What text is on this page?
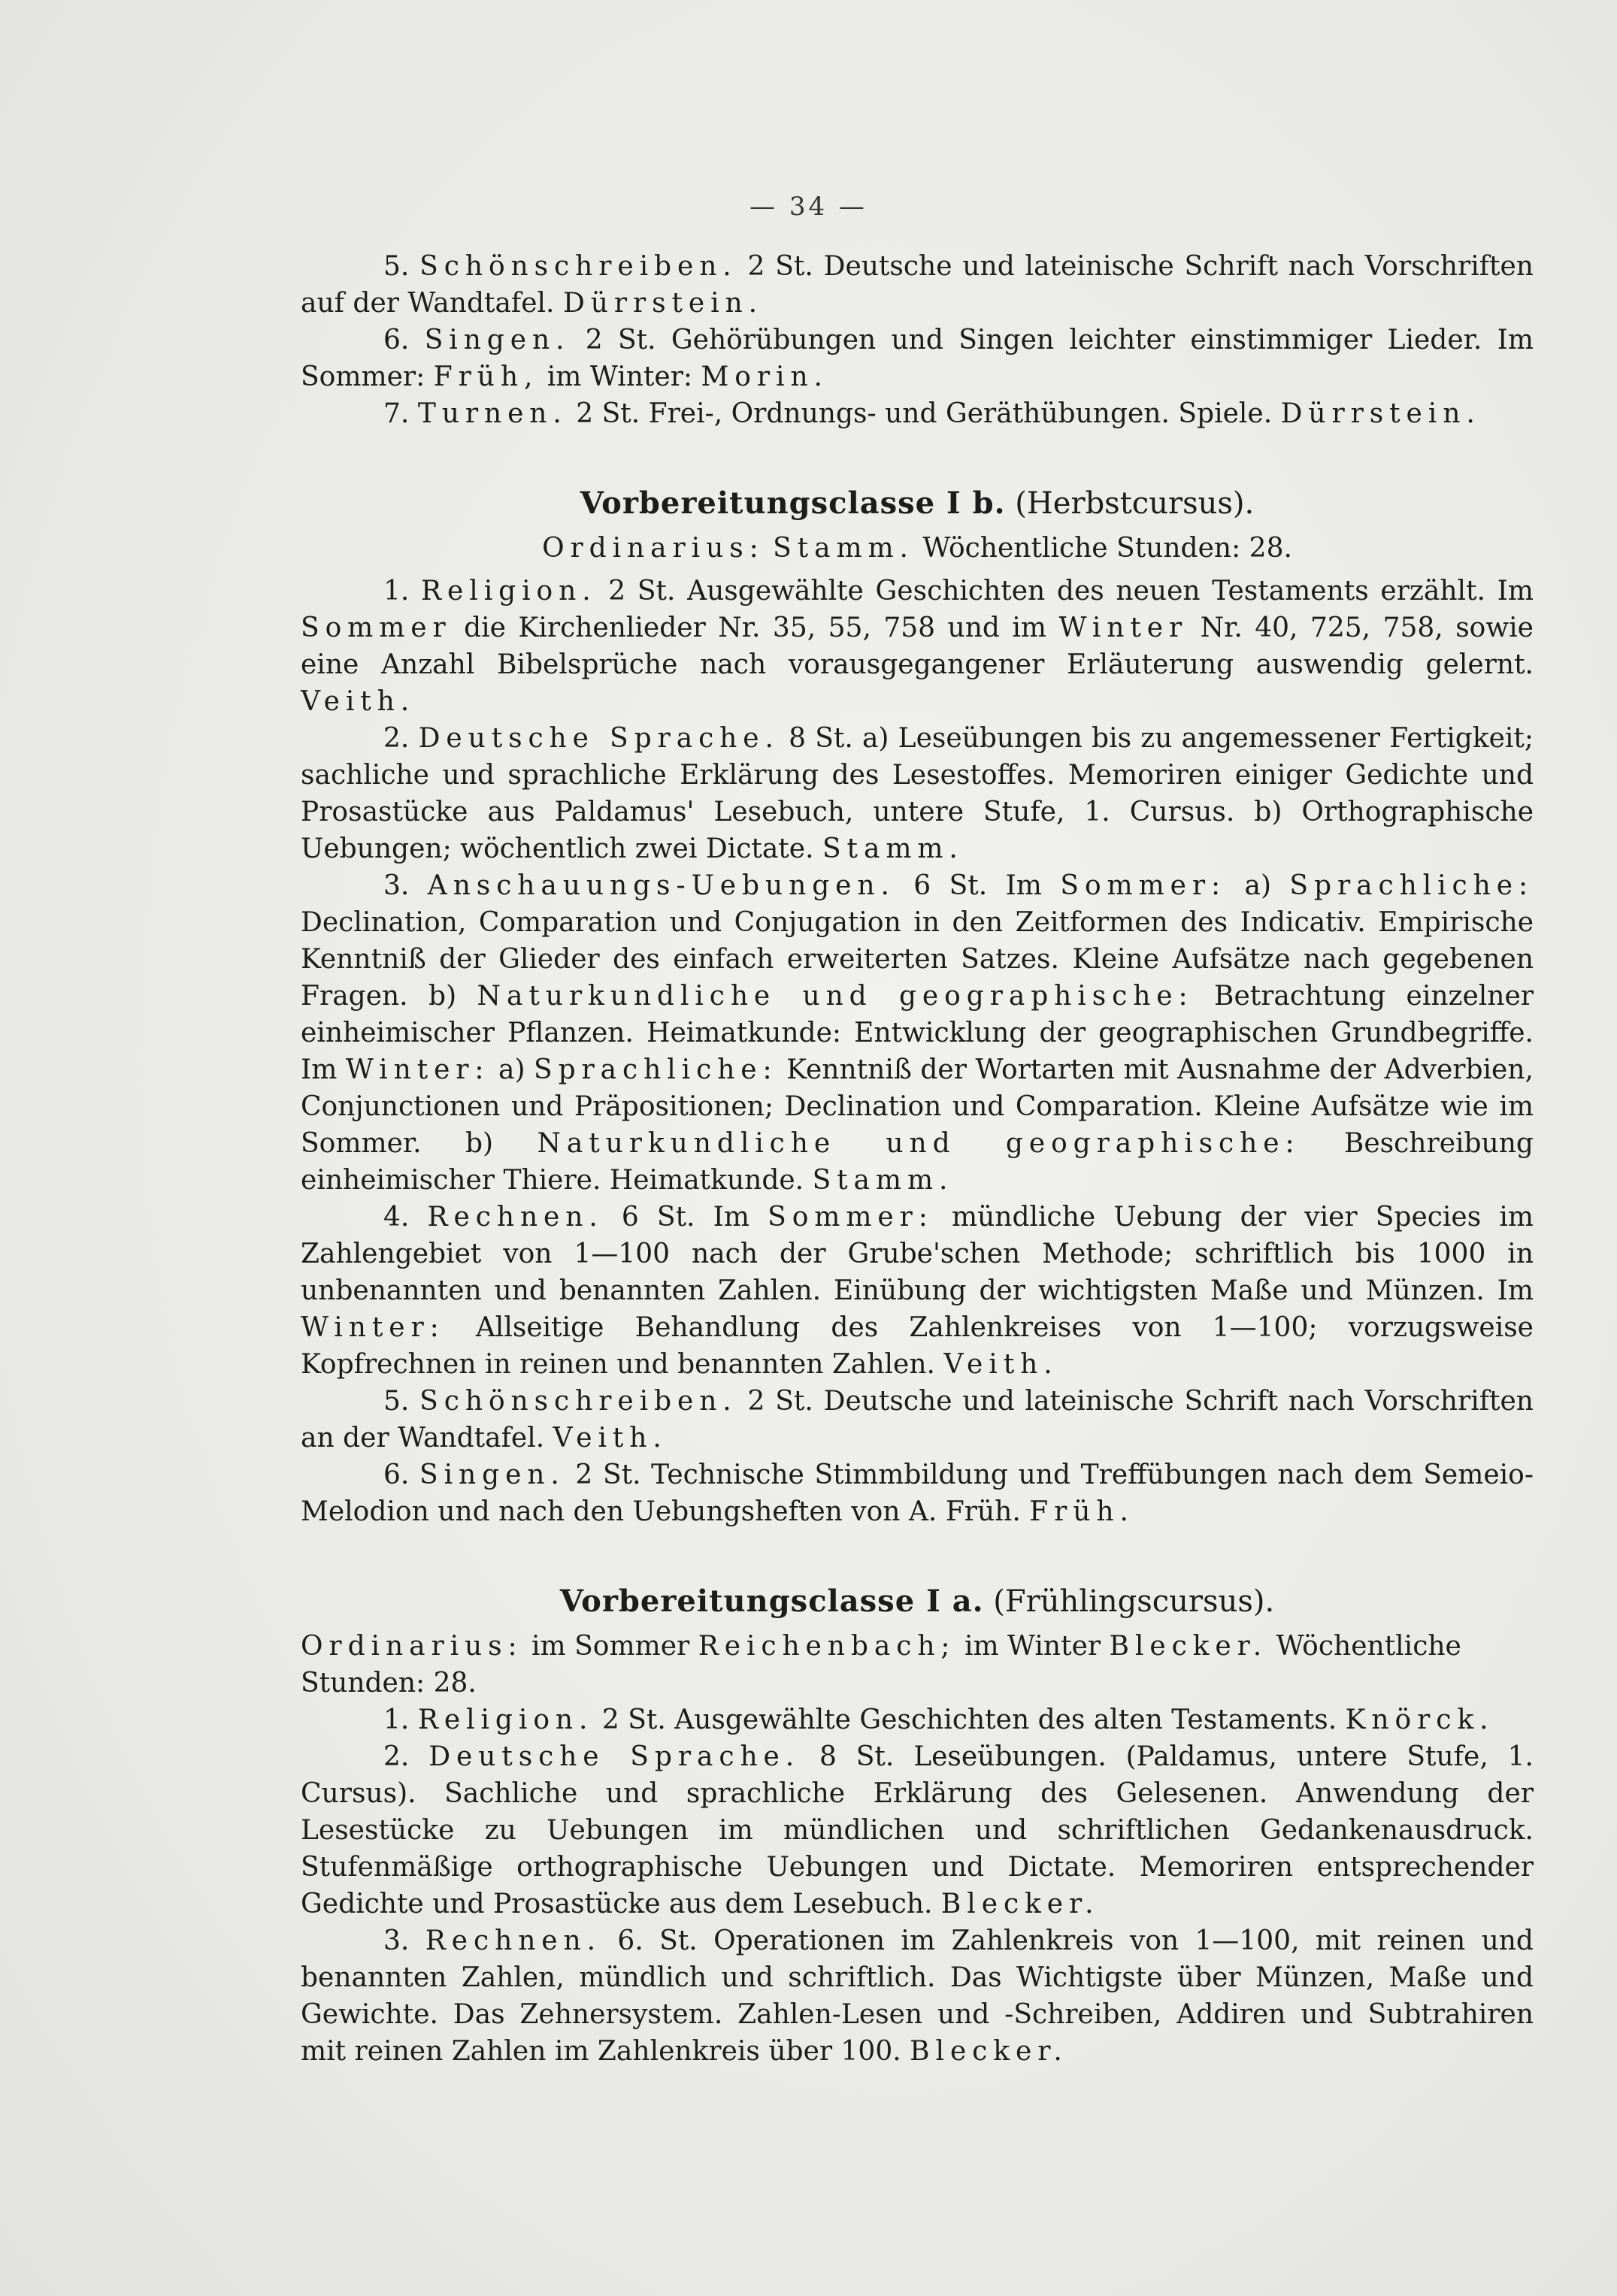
— 34 —

5. Schönschreiben. 2 St. Deutsche und lateinische Schrift nach Vorschriften auf der Wandtafel. Dürrstein.

6. Singen. 2 St. Gehörübungen und Singen leichter einstimmiger Lieder. Im Sommer: Früh, im Winter: Morin.

7. Turnen. 2 St. Frei-, Ordnungs- und Geräthübungen. Spiele. Dürrstein.

Vorbereitungsclasse I b. (Herbstcursus).
Ordinarius: Stamm. Wöchentliche Stunden: 28.

1. Religion. 2 St. Ausgewählte Geschichten des neuen Testaments erzählt. Im Sommer die Kirchenlieder Nr. 35, 55, 758 und im Winter Nr. 40, 725, 758, sowie eine Anzahl Bibelsprüche nach vorausgegangener Erläuterung auswendig gelernt. Veith.

2. Deutsche Sprache. 8 St. a) Leseübungen bis zu angemessener Fertigkeit; sachliche und sprachliche Erklärung des Lesestoffes. Memoriren einiger Gedichte und Prosastücke aus Paldamus' Lesebuch, untere Stufe, 1. Cursus. b) Orthographische Uebungen; wöchentlich zwei Dictate. Stamm.

3. Anschauungs-Uebungen. 6 St. Im Sommer: a) Sprachliche: Declination, Comparation und Conjugation in den Zeitformen des Indicativ. Empirische Kenntniß der Glieder des einfach erweiterten Satzes. Kleine Aufsätze nach gegebenen Fragen. b) Naturkundliche und geographische: Betrachtung einzelner einheimischer Pflanzen. Heimatkunde: Entwicklung der geographischen Grundbegriffe. Im Winter: a) Sprachliche: Kenntniß der Wortarten mit Ausnahme der Adverbien, Conjunctionen und Präpositionen; Declination und Comparation. Kleine Aufsätze wie im Sommer. b) Naturkundliche und geographische: Beschreibung einheimischer Thiere. Heimatkunde. Stamm.

4. Rechnen. 6 St. Im Sommer: mündliche Uebung der vier Species im Zahlengebiet von 1—100 nach der Grube'schen Methode; schriftlich bis 1000 in unbenannten und benannten Zahlen. Einübung der wichtigsten Maße und Münzen. Im Winter: Allseitige Behandlung des Zahlenkreises von 1—100; vorzugsweise Kopfrechnen in reinen und benannten Zahlen. Veith.

5. Schönschreiben. 2 St. Deutsche und lateinische Schrift nach Vorschriften an der Wandtafel. Veith.

6. Singen. 2 St. Technische Stimmbildung und Treffübungen nach dem Semeio-Melodion und nach den Uebungsheften von A. Früh. Früh.

Vorbereitungsclasse I a. (Frühlingscursus).

Ordinarius: im Sommer Reichenbach; im Winter Blecker. Wöchentliche Stunden: 28.

1. Religion. 2 St. Ausgewählte Geschichten des alten Testaments. Knörck.

2. Deutsche Sprache. 8 St. Leseübungen. (Paldamus, untere Stufe, 1. Cursus). Sachliche und sprachliche Erklärung des Gelesenen. Anwendung der Lesestücke zu Uebungen im mündlichen und schriftlichen Gedankenausdruck. Stufenmäßige orthographische Uebungen und Dictate. Memoriren entsprechender Gedichte und Prosastücke aus dem Lesebuch. Blecker.

3. Rechnen. 6. St. Operationen im Zahlenkreis von 1—100, mit reinen und benannten Zahlen, mündlich und schriftlich. Das Wichtigste über Münzen, Maße und Gewichte. Das Zehnersystem. Zahlen-Lesen und -Schreiben, Addiren und Subtrahiren mit reinen Zahlen im Zahlenkreis über 100. Blecker.
